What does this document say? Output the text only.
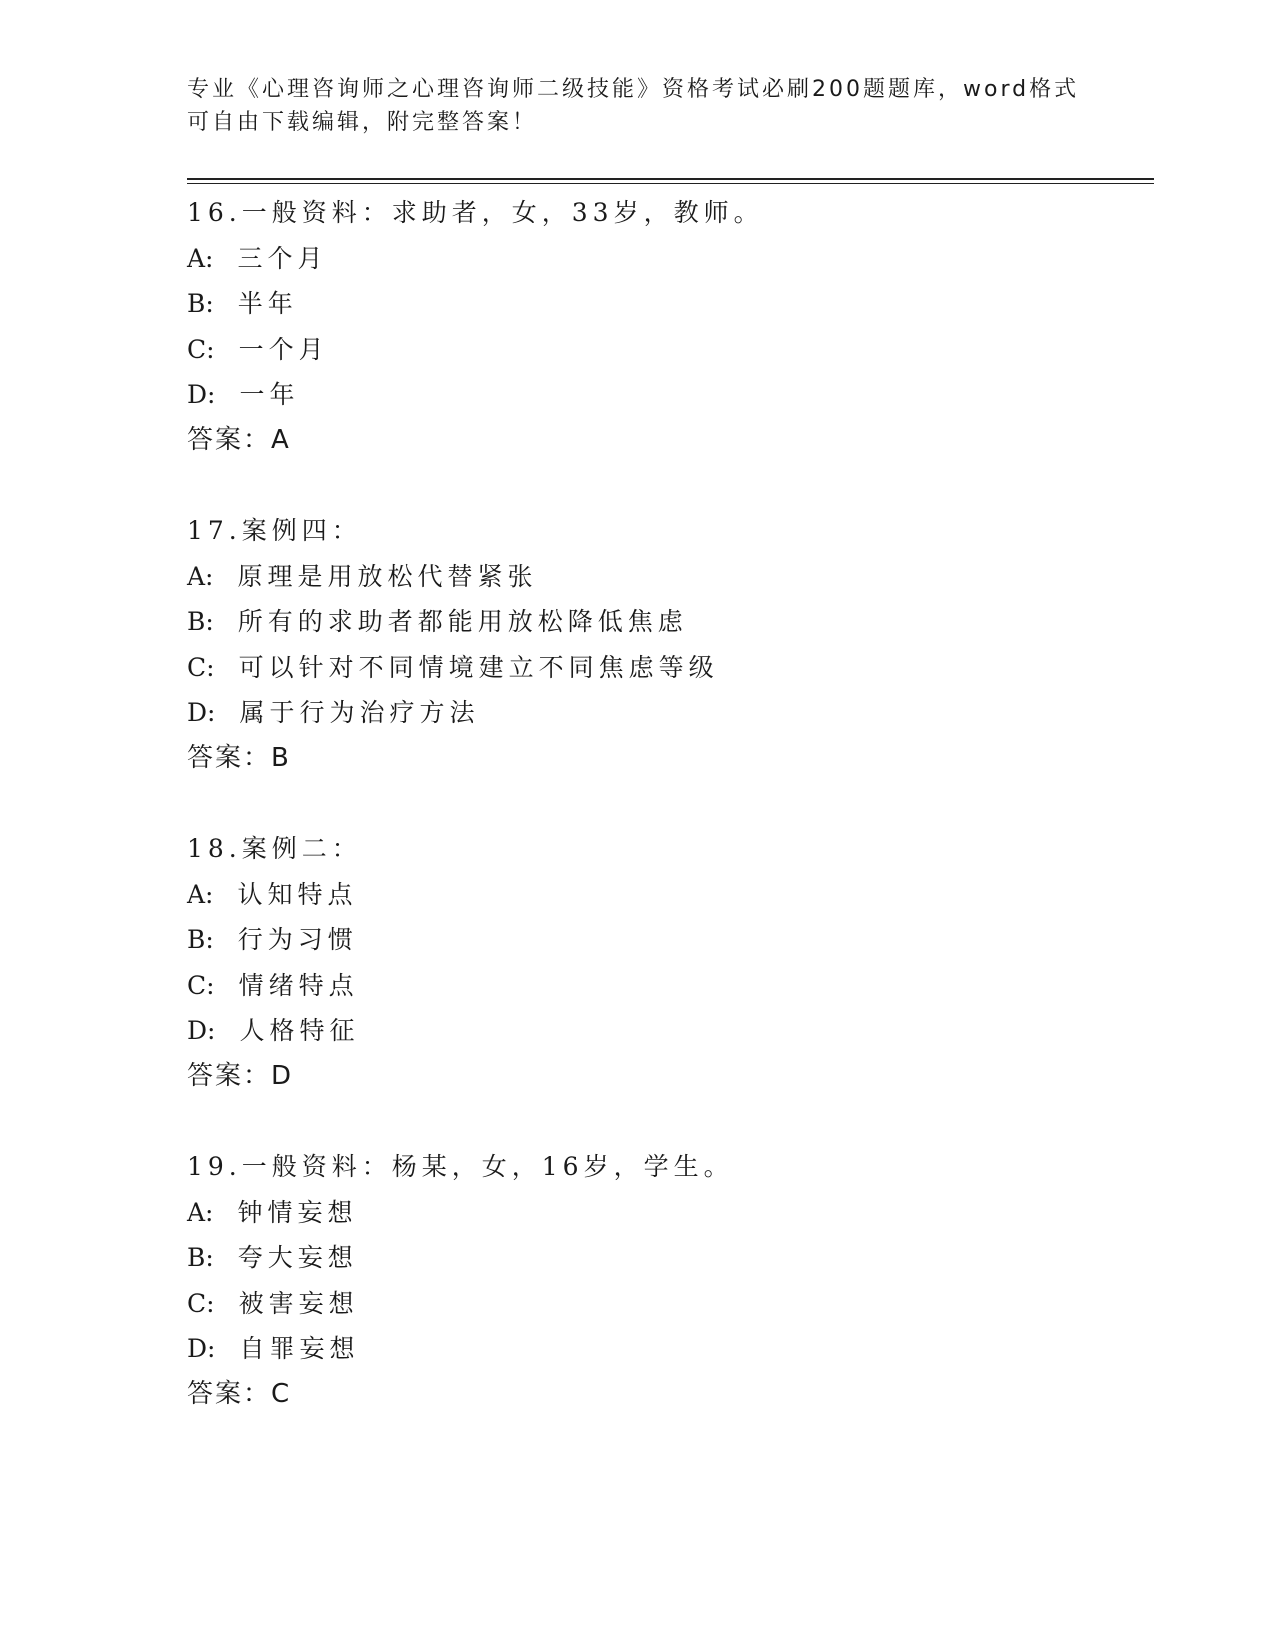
专业《心理咨询师之心理咨询师二级技能》资格考试必刷200题题库，word格式
可自由下载编辑，附完整答案！
16.一般资料：求助者，女，33岁，教师。
A: 三个月
B: 半年
C: 一个月
D: 一年
答案：A
17.案例四：
A: 原理是用放松代替紧张
B: 所有的求助者都能用放松降低焦虑
C: 可以针对不同情境建立不同焦虑等级
D: 属于行为治疗方法
答案：B
18.案例二：
A: 认知特点
B: 行为习惯
C: 情绪特点
D: 人格特征
答案：D
19.一般资料：杨某，女，16岁，学生。
A: 钟情妄想
B: 夸大妄想
C: 被害妄想
D: 自罪妄想
答案：C
